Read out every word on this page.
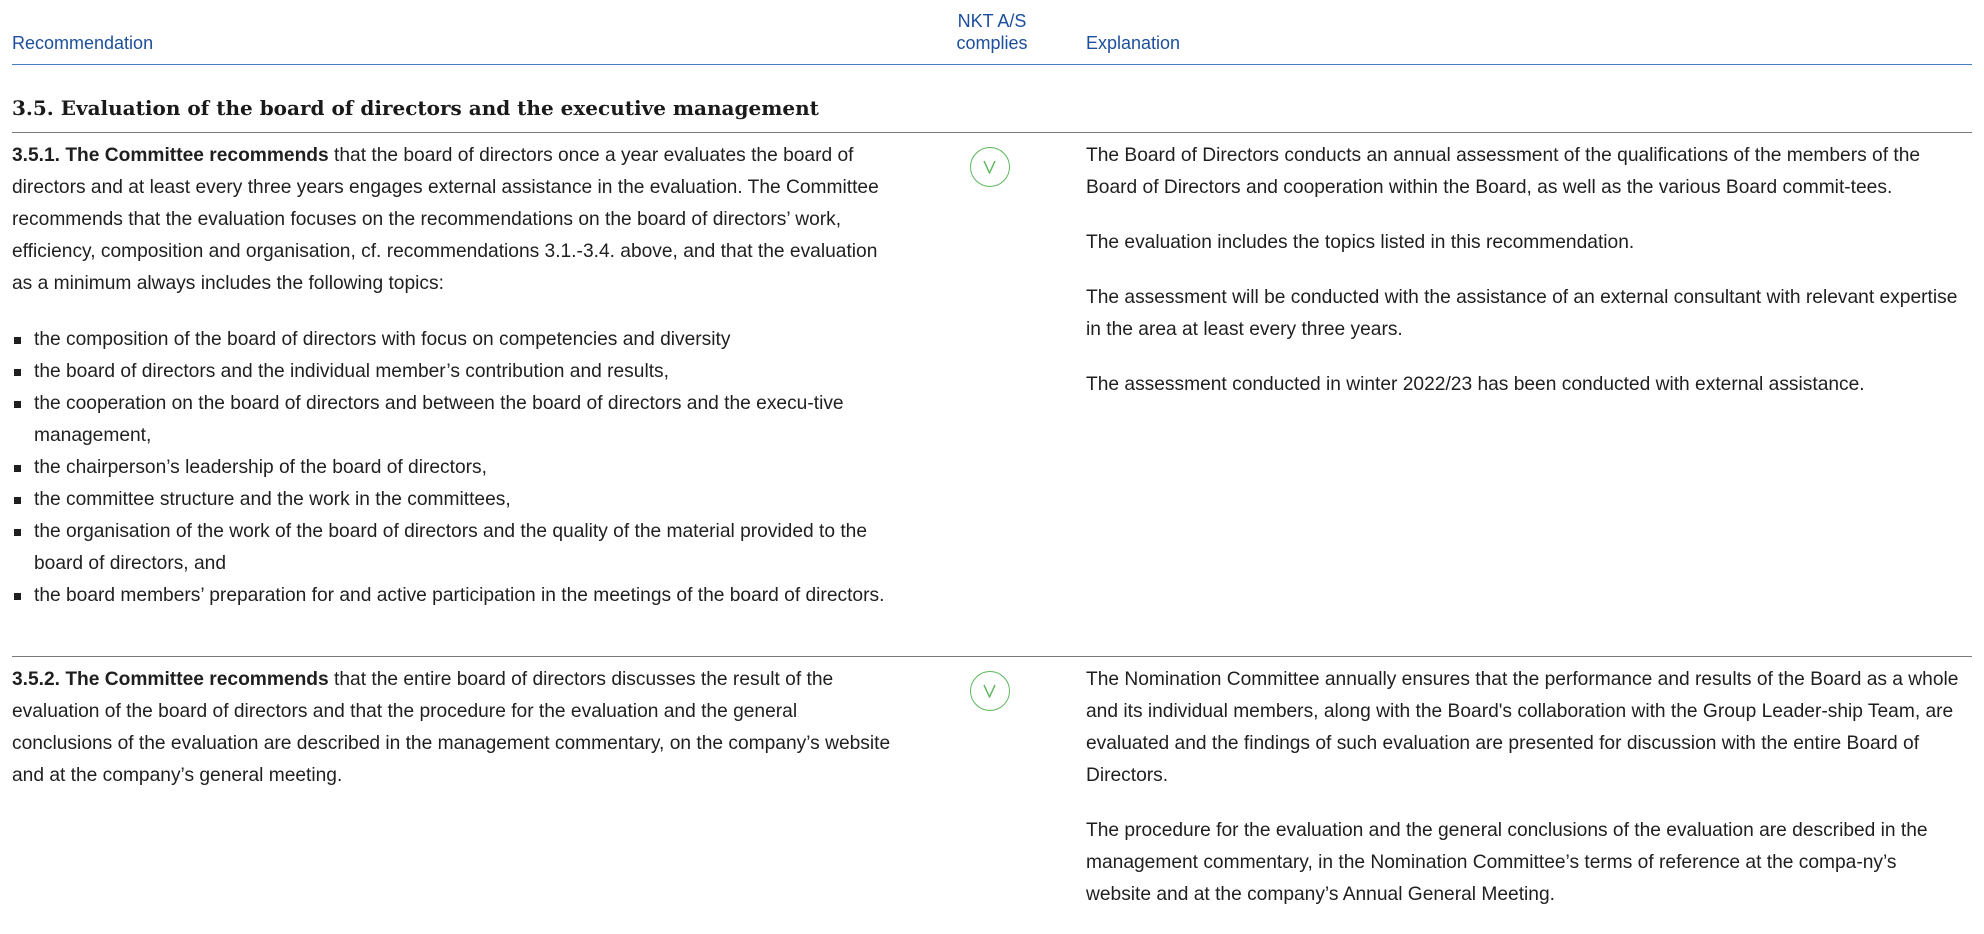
Recommendation
NKT A/S
complies	Explanation
3.5. Evaluation of the board of directors and the executive management

3.5.1. The Committee recommends that the board of directors once a year evaluates the board of directors and at least every three years engages external assistance in the evaluation. The Committee recommends that the evaluation focuses on the recommendations on the board of directors’ work, efficiency, composition and organisation, cf. recommendations 3.1.-3.4. above, and that the evaluation as a minimum always includes the following topics:

the composition of the board of directors with focus on competencies and diversity
the board of directors and the individual member’s contribution and results,
the cooperation on the board of directors and between the board of directors and the execu-tive management,
the chairperson’s leadership of the board of directors,
the committee structure and the work in the committees,
the organisation of the work of the board of directors and the quality of the material provided to the board of directors, and
the board members’ preparation for and active participation in the meetings of the board of directors.

The Board of Directors conducts an annual assessment of the qualifications of the members of the Board of Directors and cooperation within the Board, as well as the various Board commit-tees.

The evaluation includes the topics listed in this recommendation.

The assessment will be conducted with the assistance of an external consultant with relevant expertise in the area at least every three years.

The assessment conducted in winter 2022/23 has been conducted with external assistance.

3.5.2. The Committee recommends that the entire board of directors discusses the result of the evaluation of the board of directors and that the procedure for the evaluation and the general conclusions of the evaluation are described in the management commentary, on the company’s website and at the company’s general meeting.

The Nomination Committee annually ensures that the performance and results of the Board as a whole and its individual members, along with the Board's collaboration with the Group Leader-ship Team, are evaluated and the findings of such evaluation are presented for discussion with the entire Board of Directors.

The procedure for the evaluation and the general conclusions of the evaluation are described in the management commentary, in the Nomination Committee’s terms of reference at the compa-ny’s website and at the company’s Annual General Meeting.
